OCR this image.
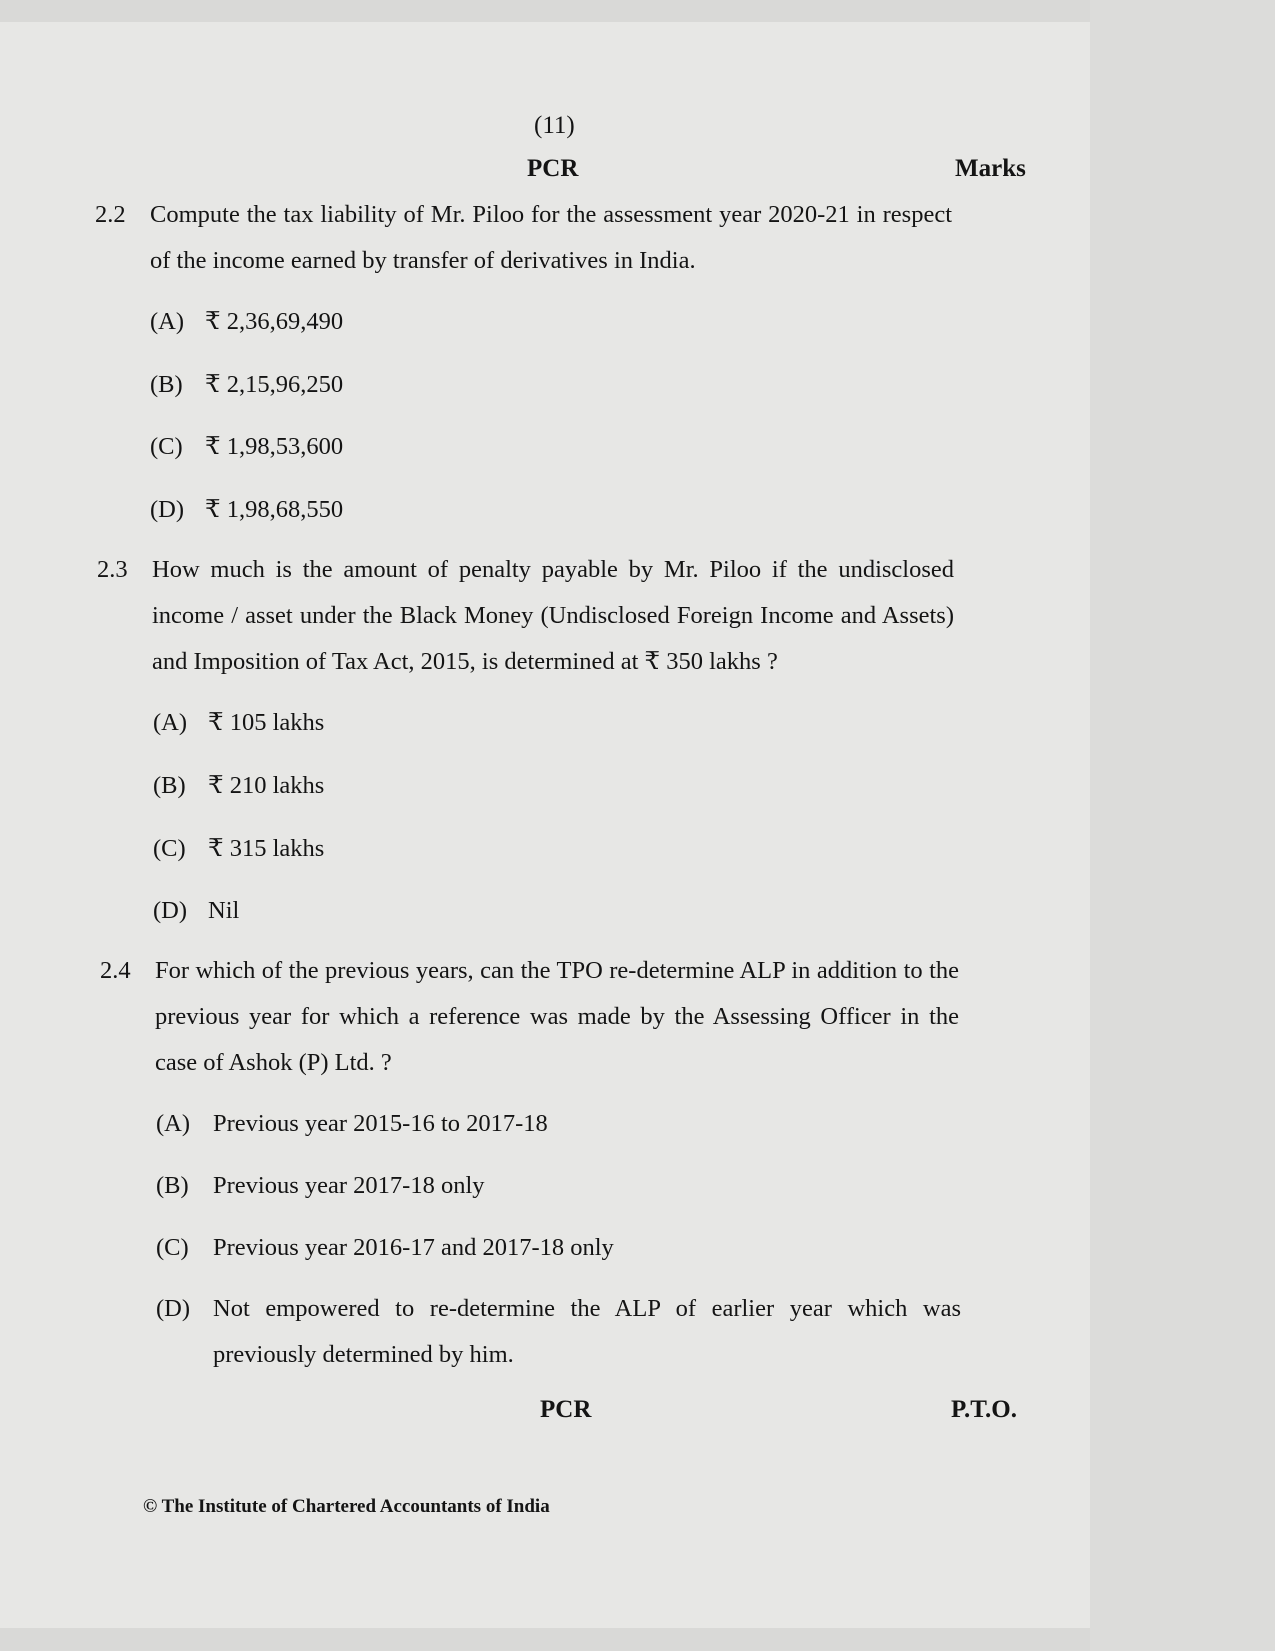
(11)
PCR	Marks
2.2 Compute the tax liability of Mr. Piloo for the assessment year 2020-21 in respect of the income earned by transfer of derivatives in India.
(A) ₹ 2,36,69,490
(B) ₹ 2,15,96,250
(C) ₹ 1,98,53,600
(D) ₹ 1,98,68,550
2.3 How much is the amount of penalty payable by Mr. Piloo if the undisclosed income / asset under the Black Money (Undisclosed Foreign Income and Assets) and Imposition of Tax Act, 2015, is determined at ₹ 350 lakhs ?
(A) ₹ 105 lakhs
(B) ₹ 210 lakhs
(C) ₹ 315 lakhs
(D) Nil
2.4 For which of the previous years, can the TPO re-determine ALP in addition to the previous year for which a reference was made by the Assessing Officer in the case of Ashok (P) Ltd. ?
(A) Previous year 2015-16 to 2017-18
(B) Previous year 2017-18 only
(C) Previous year 2016-17 and 2017-18 only
(D) Not empowered to re-determine the ALP of earlier year which was previously determined by him.
PCR	P.T.O.
© The Institute of Chartered Accountants of India
